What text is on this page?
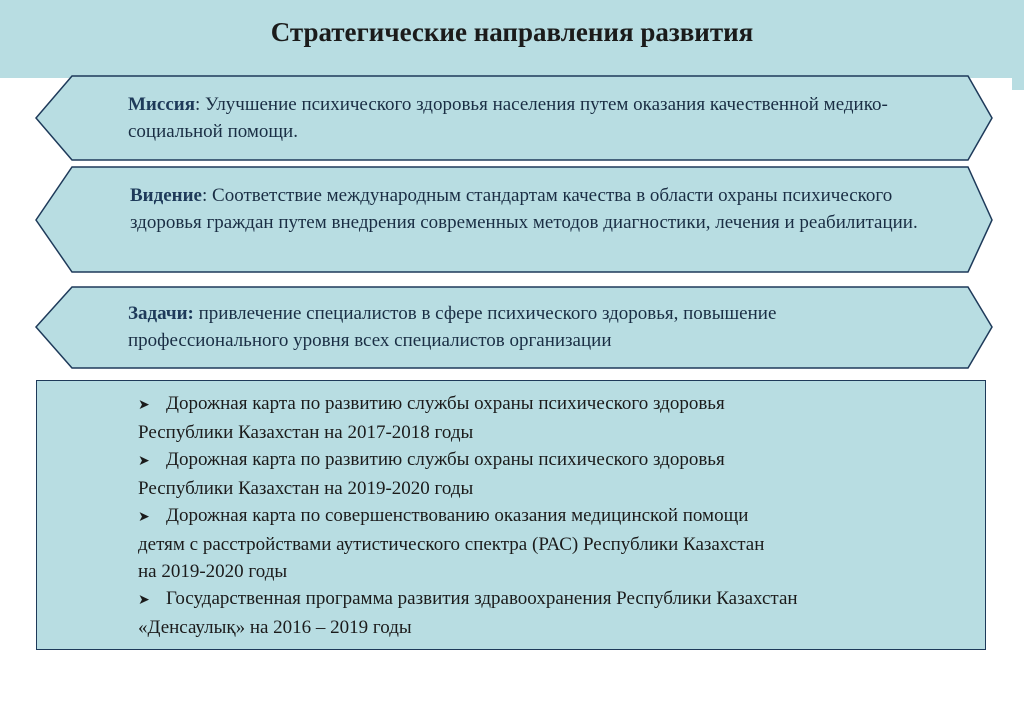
Стратегические направления развития
Миссия: Улучшение психического здоровья населения путем оказания качественной медико-социальной помощи.
Видение: Соответствие международным стандартам качества в области охраны психического здоровья граждан путем внедрения современных методов диагностики, лечения и реабилитации.
Задачи: привлечение специалистов в сфере психического здоровья, повышение профессионального уровня всех специалистов организации
➤ Дорожная карта по развитию службы охраны психического здоровья
Республики Казахстан на 2017-2018 годы
➤ Дорожная карта по развитию службы охраны психического здоровья
Республики Казахстан на 2019-2020 годы
➤ Дорожная карта по совершенствованию оказания медицинской помощи
детям с расстройствами аутистического спектра (РАС) Республики Казахстан
на 2019-2020 годы
➤ Государственная программа развития здравоохранения Республики Казахстан
«Денсаулық» на 2016 – 2019 годы
